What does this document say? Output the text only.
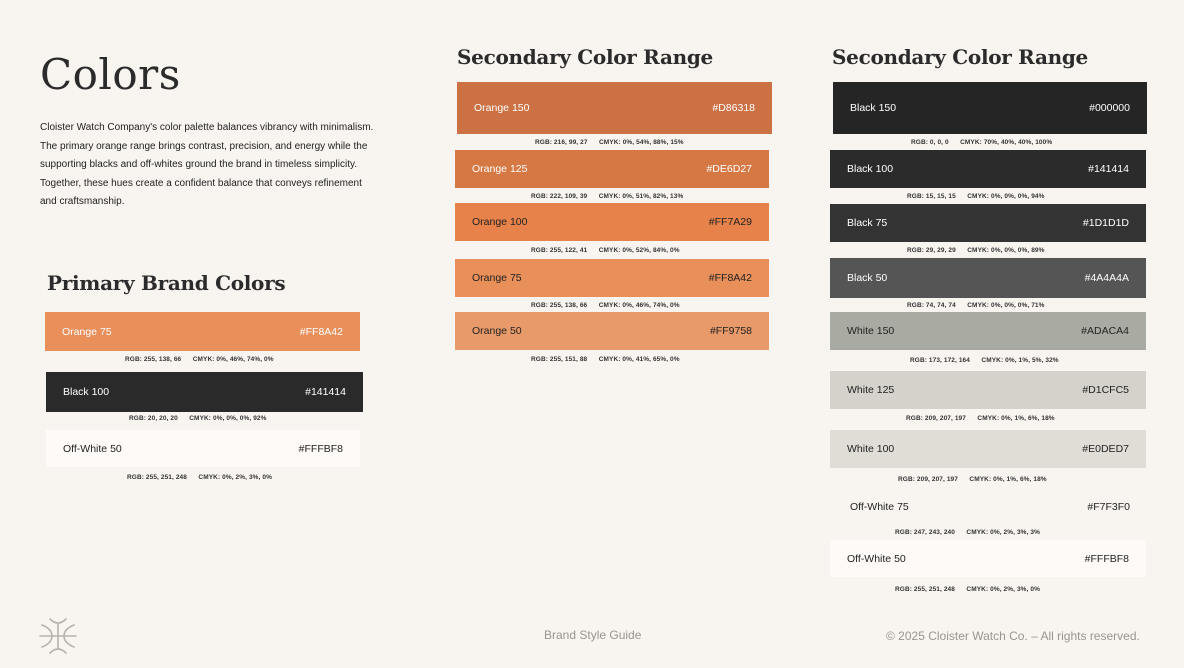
Colors

Cloister Watch Company's color palette balances vibrancy with minimalism. The primary orange range brings contrast, precision, and energy while the supporting blacks and off-whites ground the brand in timeless simplicity. Together, these hues create a confident balance that conveys refinement and craftsmanship.

Primary Brand Colors
Secondary Color Range	Secondary Color Range
Orange 75	#FF8A42
RGB: 255, 138, 66 CMYK: 0%, 46%, 74%, 0%
Black 100	#141414
RGB: 20, 20, 20 CMYK: 0%, 0%, 0%, 92%
Off-White 50	#FFFBF8
RGB: 255, 251, 248 CMYK: 0%, 2%, 3%, 0%
Orange 150	#D86318
RGB: 216, 99, 27 CMYK: 0%, 54%, 88%, 15%
Orange 125	#DE6D27
RGB: 222, 109, 39 CMYK: 0%, 51%, 82%, 13%
Orange 100	#FF7A29
RGB: 255, 122, 41 CMYK: 0%, 52%, 84%, 0%
Orange 75	#FF8A42
RGB: 255, 138, 66 CMYK: 0%, 46%, 74%, 0%
Orange 50	#FF9758
RGB: 255, 151, 88 CMYK: 0%, 41%, 65%, 0%
Black 150	#000000
RGB: 0, 0, 0 CMYK: 70%, 40%, 40%, 100%
Black 100	#141414
RGB: 15, 15, 15 CMYK: 0%, 0%, 0%, 94%
Black 75	#1D1D1D
RGB: 29, 29, 29 CMYK: 0%, 0%, 0%, 89%
Black 50	#4A4A4A
RGB: 74, 74, 74 CMYK: 0%, 0%, 0%, 71%
White 150	#ADACA4
RGB: 173, 172, 164 CMYK: 0%, 1%, 5%, 32%
White 125	#D1CFC5
RGB: 209, 207, 197 CMYK: 0%, 1%, 6%, 18%
White 100	#E0DED7
RGB: 209, 207, 197 CMYK: 0%, 1%, 6%, 18%
Off-White 75	#F7F3F0
RGB: 247, 243, 240 CMYK: 0%, 2%, 3%, 3%
Off-White 50	#FFFBF8
RGB: 255, 251, 248 CMYK: 0%, 2%, 3%, 0%
Brand Style Guide	© 2025 Cloister Watch Co. – All rights reserved.
